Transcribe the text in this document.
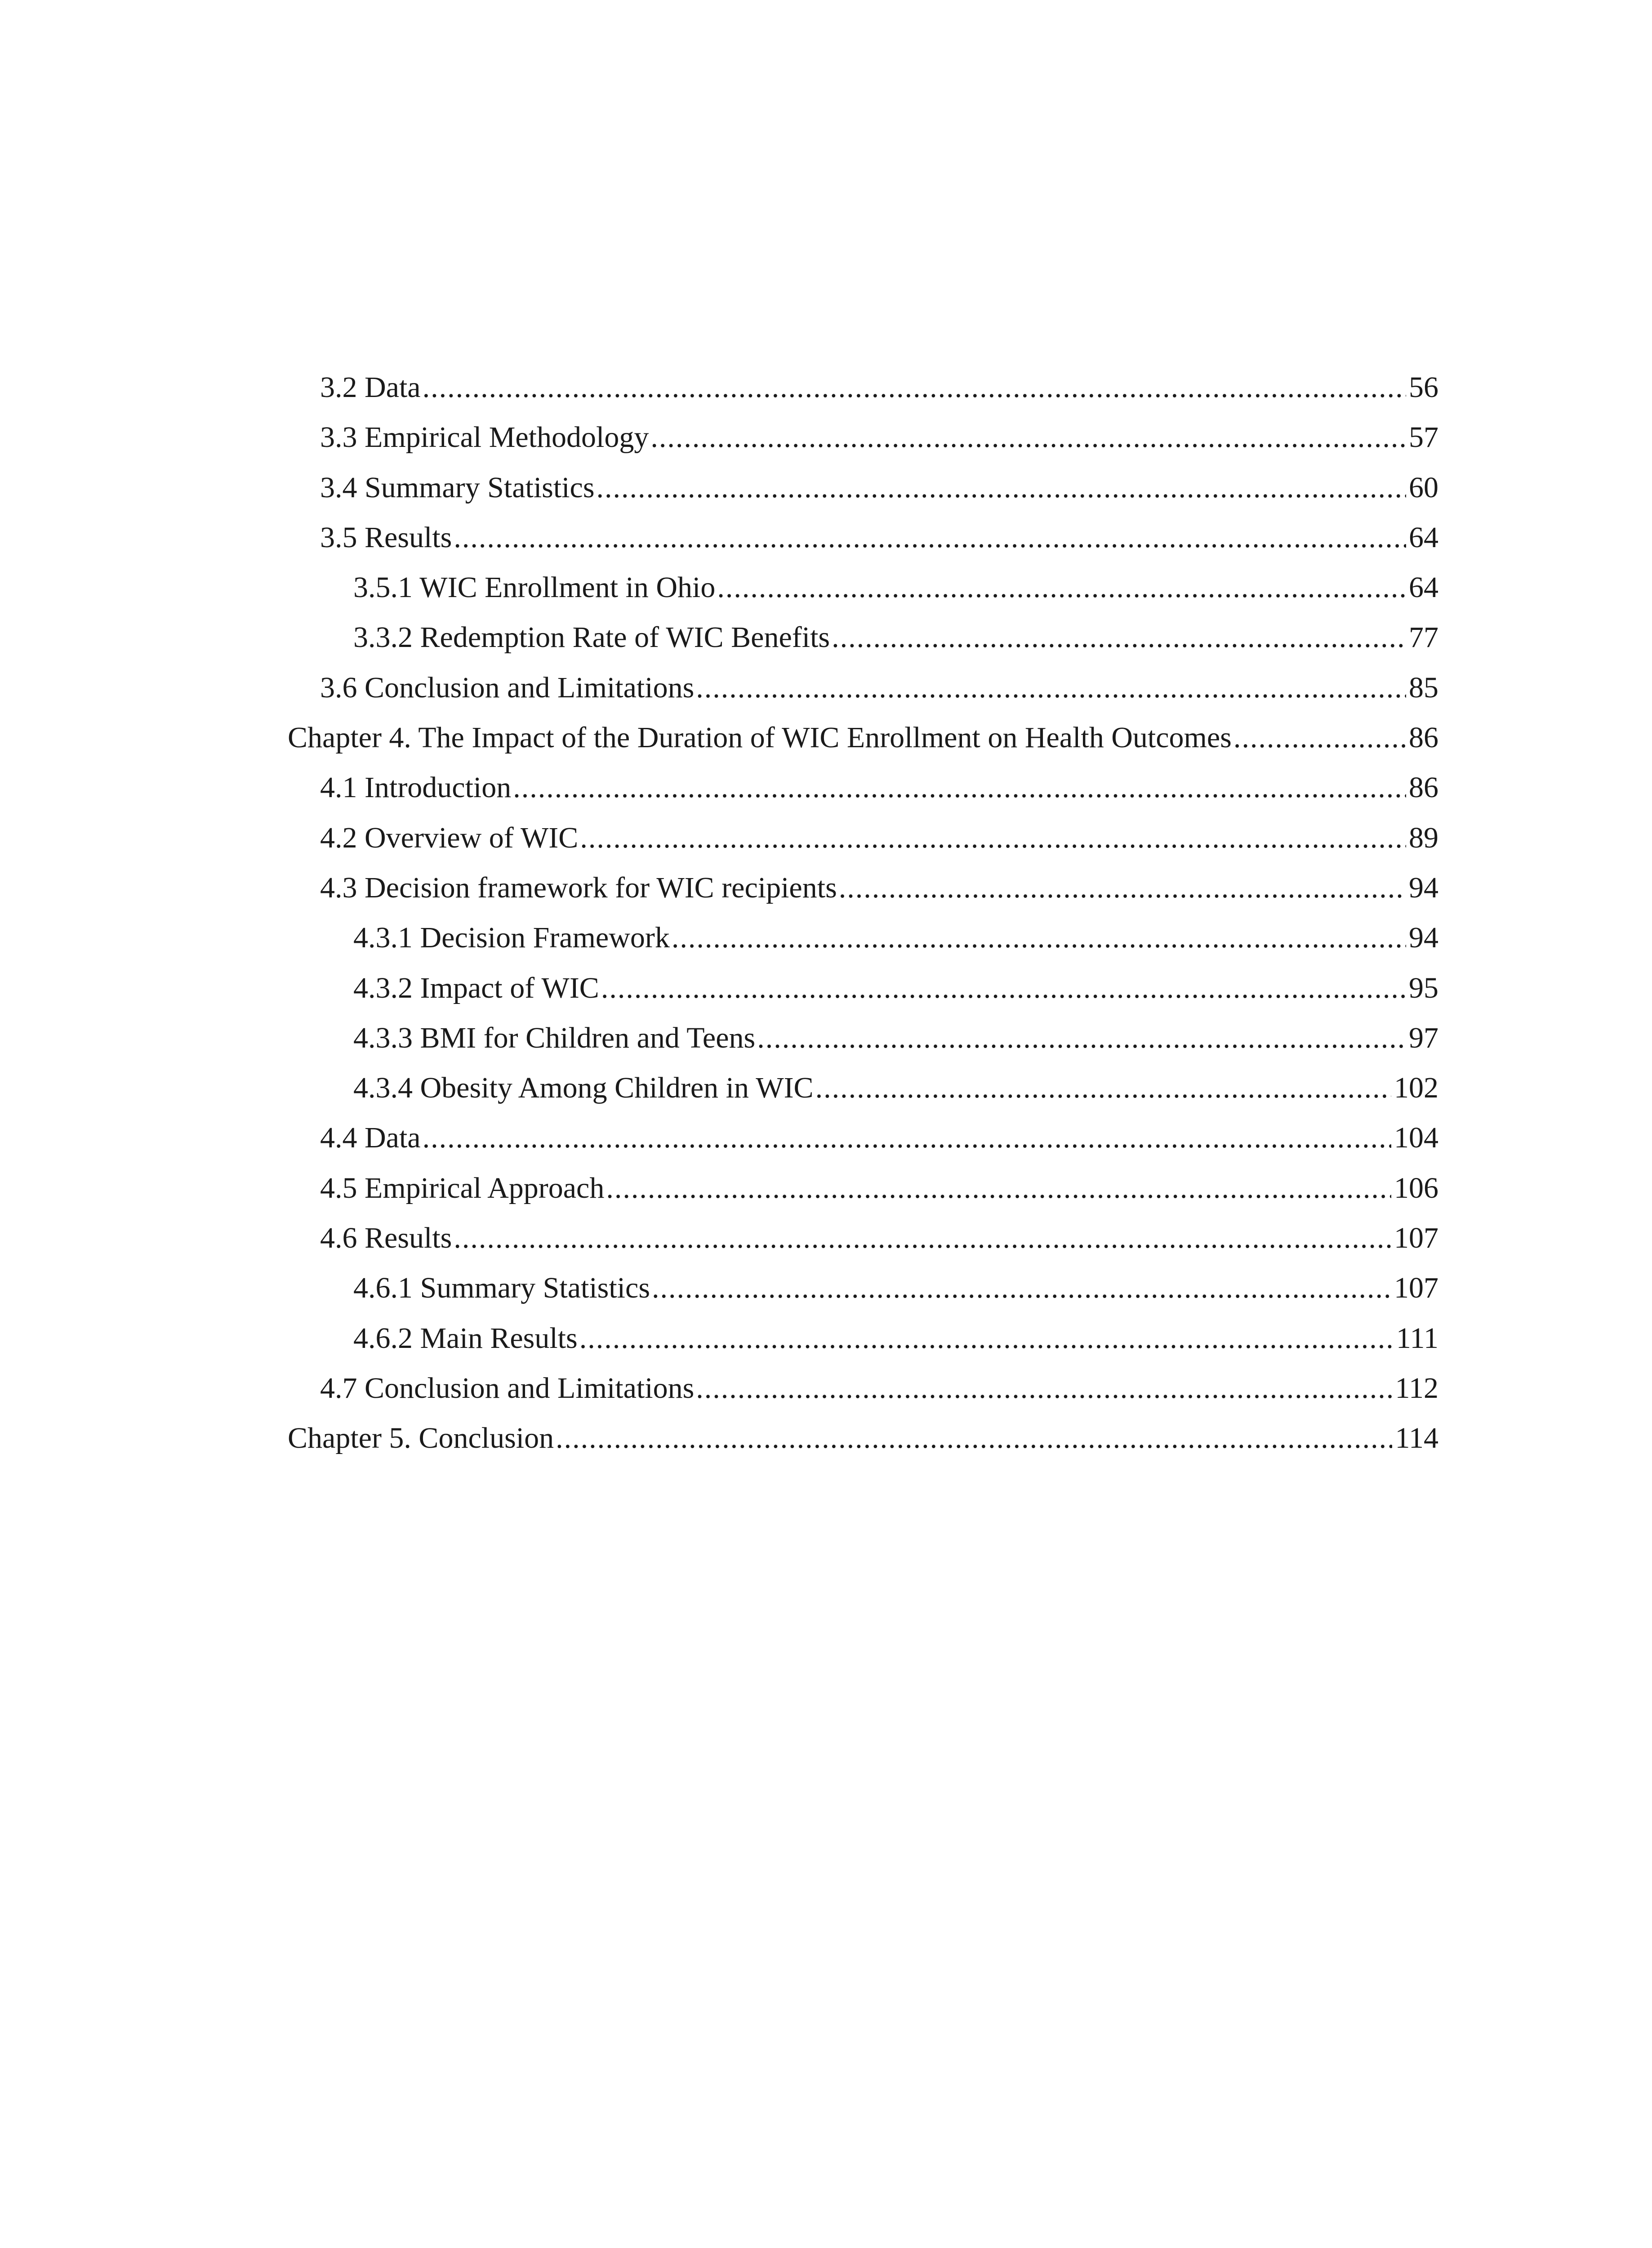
3.2 Data .....	56
3.3 Empirical Methodology .....	57
3.4 Summary Statistics .....	60
3.5 Results .....	64
3.5.1 WIC Enrollment in Ohio .....	64
3.3.2 Redemption Rate of WIC Benefits .....	77
3.6 Conclusion and Limitations .....	85
Chapter 4. The Impact of the Duration of WIC Enrollment on Health Outcomes .....	86
4.1 Introduction .....	86
4.2 Overview of WIC .....	89
4.3 Decision framework for WIC recipients .....	94
4.3.1 Decision Framework .....	94
4.3.2 Impact of WIC .....	95
4.3.3 BMI for Children and Teens .....	97
4.3.4 Obesity Among Children in WIC .....	102
4.4 Data .....	104
4.5 Empirical Approach .....	106
4.6 Results .....	107
4.6.1 Summary Statistics .....	107
4.6.2 Main Results .....	111
4.7 Conclusion and Limitations .....	112
Chapter 5. Conclusion .....	114
